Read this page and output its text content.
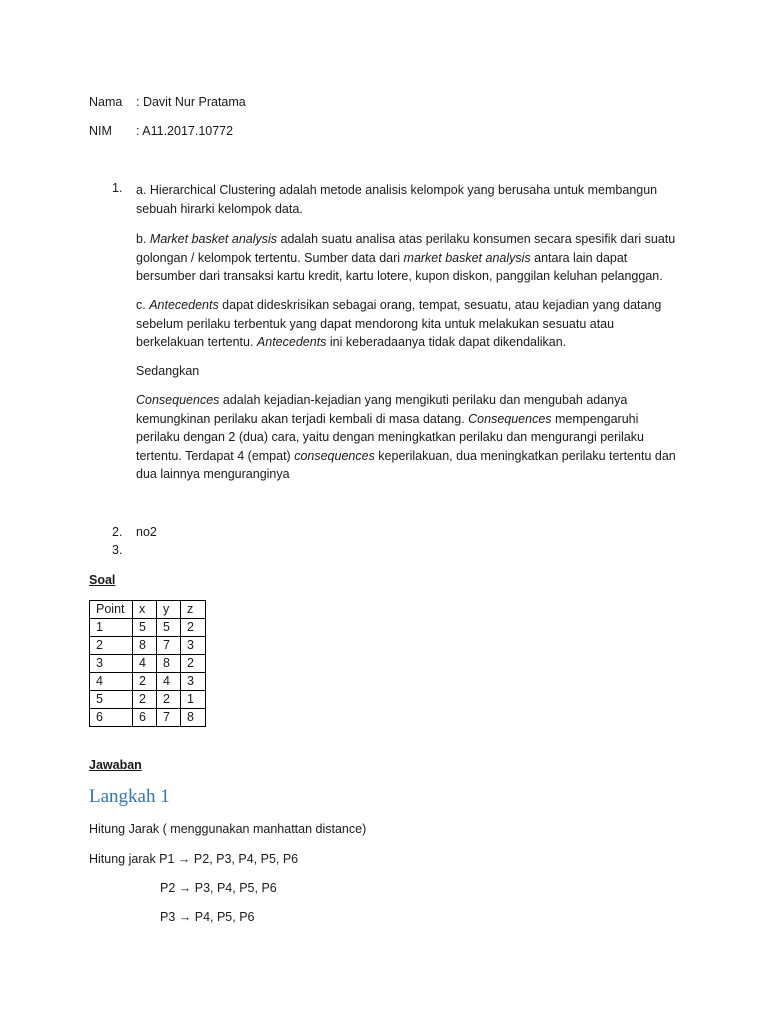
Nama : Davit Nur Pratama
NIM : A11.2017.10772
1. a. Hierarchical Clustering adalah metode analisis kelompok yang berusaha untuk membangun sebuah hirarki kelompok data.
b. Market basket analysis adalah suatu analisa atas perilaku konsumen secara spesifik dari suatu golongan / kelompok tertentu. Sumber data dari market basket analysis antara lain dapat bersumber dari transaksi kartu kredit, kartu lotere, kupon diskon, panggilan keluhan pelanggan.
c. Antecedents dapat dideskrisikan sebagai orang, tempat, sesuatu, atau kejadian yang datang sebelum perilaku terbentuk yang dapat mendorong kita untuk melakukan sesuatu atau berkelakuan tertentu. Antecedents ini keberadaanya tidak dapat dikendalikan.
Sedangkan
Consequences adalah kejadian-kejadian yang mengikuti perilaku dan mengubah adanya kemungkinan perilaku akan terjadi kembali di masa datang. Consequences mempengaruhi perilaku dengan 2 (dua) cara, yaitu dengan meningkatkan perilaku dan mengurangi perilaku tertentu. Terdapat 4 (empat) consequences keperilakuan, dua meningkatkan perilaku tertentu dan dua lainnya menguranginya
2. no2
3.
Soal
Point	x	y	z
1	5	5	2
2	8	7	3
3	4	8	2
4	2	4	3
5	2	2	1
6	6	7	8
Jawaban
Langkah 1
Hitung Jarak ( menggunakan manhattan distance)
Hitung jarak P1 → P2, P3, P4, P5, P6
P2 → P3, P4, P5, P6
P3 → P4, P5, P6
